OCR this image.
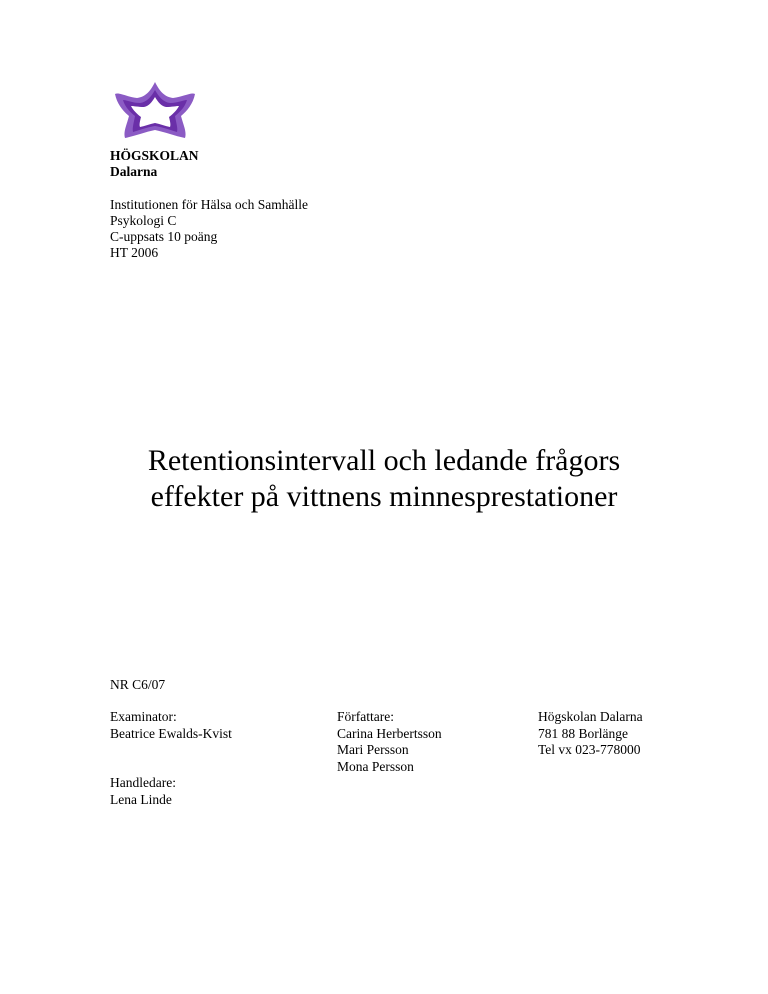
HÖGSKOLAN
Dalarna
Institutionen för Hälsa och Samhälle
Psykologi C
C-uppsats 10 poäng
HT 2006
Retentionsintervall och ledande frågors
effekter på vittnens minnesprestationer
NR C6/07
Examinator:
Beatrice Ewalds-Kvist
Handledare:
Lena Linde
Författare:
Carina Herbertsson
Mari Persson
Mona Persson
Högskolan Dalarna
781 88 Borlänge
Tel vx 023-778000
